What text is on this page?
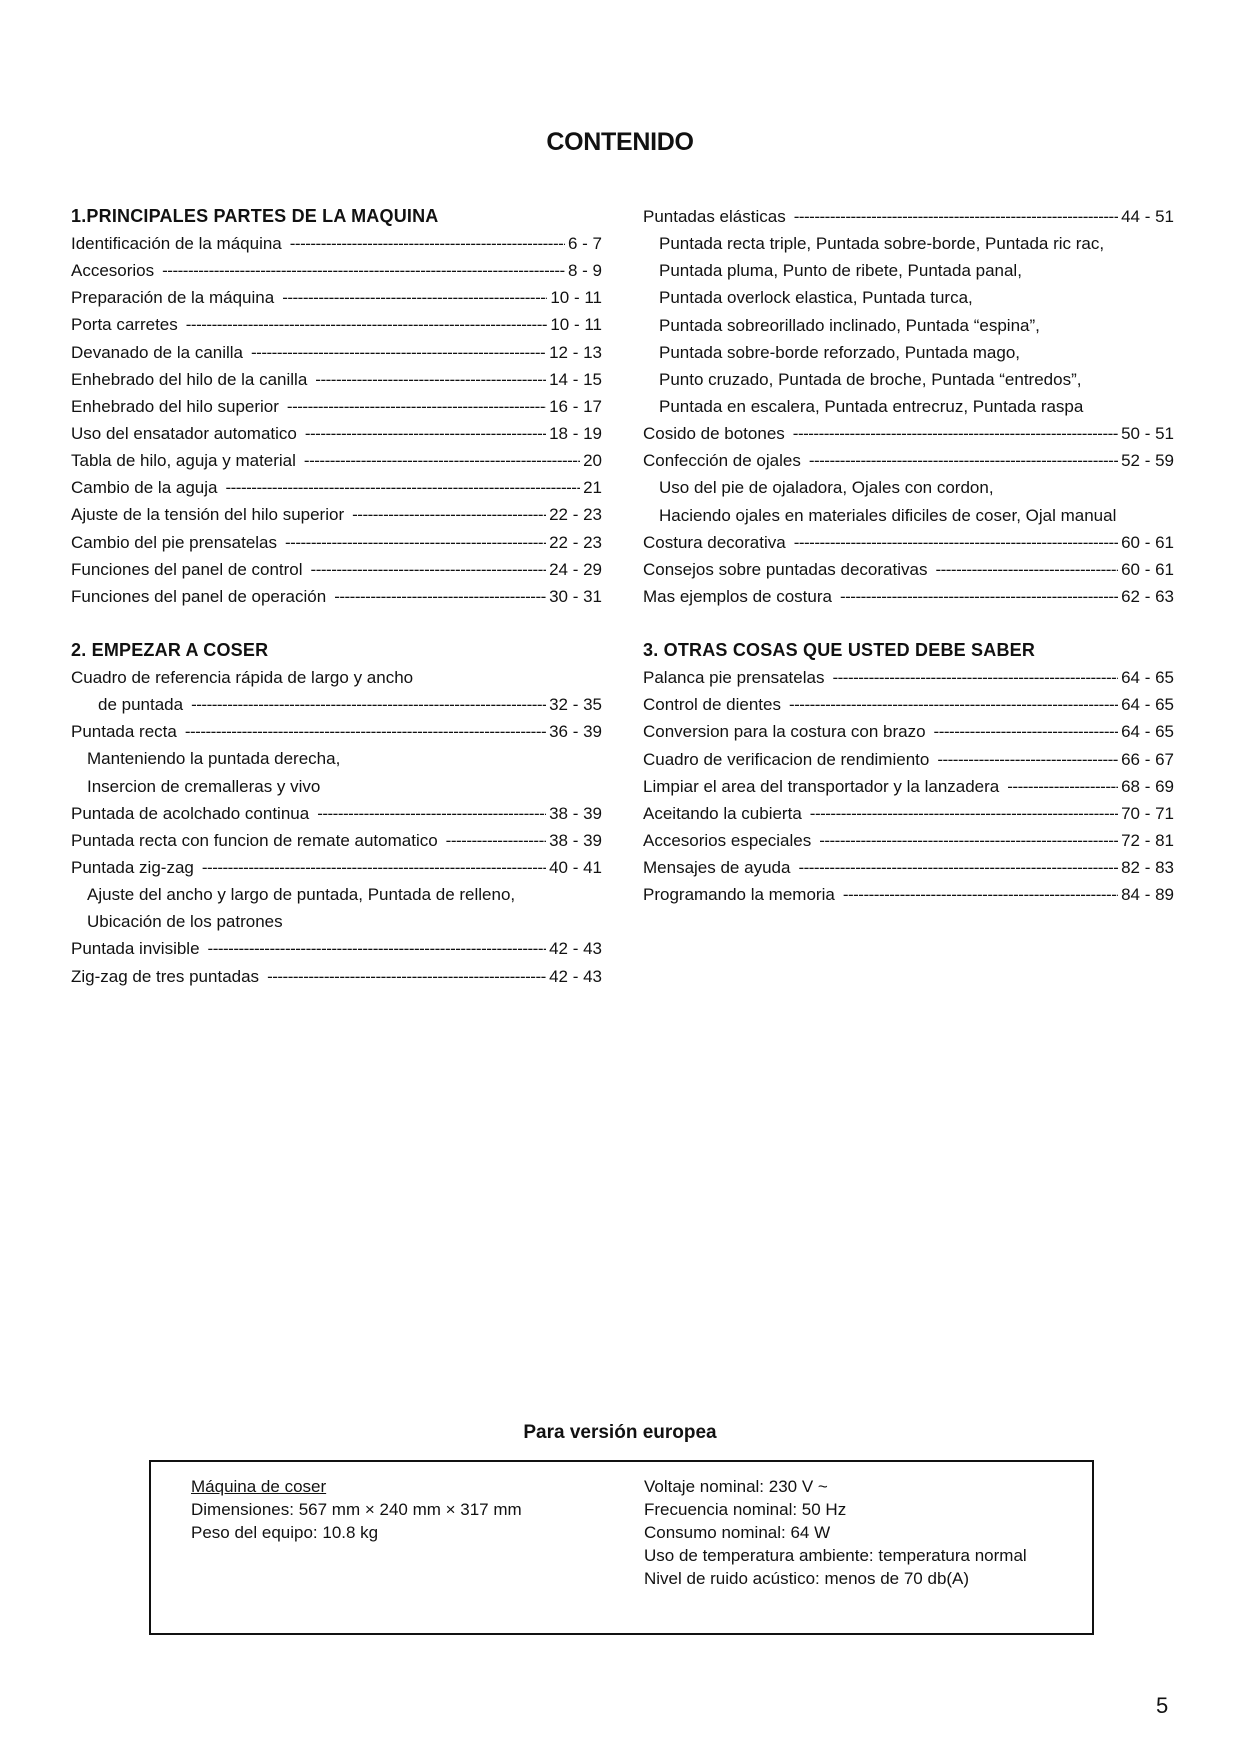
CONTENIDO
1.PRINCIPALES PARTES DE LA MAQUINA
Identificación de la máquina -----	6 - 7
Accesorios -----	8 - 9
Preparación de la máquina -----	10 - 11
Porta carretes -----	10 - 11
Devanado de la canilla -----	12 - 13
Enhebrado del hilo de la canilla -----	14 - 15
Enhebrado del hilo superior -----	16 - 17
Uso del ensatador automatico -----	18 - 19
Tabla de hilo, aguja y material -----	20
Cambio de la aguja -----	21
Ajuste de la tensión del hilo superior -----	22 - 23
Cambio del pie prensatelas -----	22 - 23
Funciones del panel de control -----	24 - 29
Funciones del panel de operación -----	30 - 31
2. EMPEZAR A COSER
Cuadro de referencia rápida de largo y ancho
de puntada -----	32 - 35
Puntada recta -----	36 - 39
Manteniendo la puntada derecha,
Insercion de cremalleras y vivo
Puntada de acolchado continua -----	38 - 39
Puntada recta con funcion de remate automatico -----	38 - 39
Puntada zig-zag -----	40 - 41
Ajuste del ancho y largo de puntada, Puntada de relleno,
Ubicación de los patrones
Puntada invisible -----	42 - 43
Zig-zag de tres puntadas -----	42 - 43
Puntadas elásticas -----	44 - 51
Puntada recta triple, Puntada sobre-borde, Puntada ric rac,
Puntada pluma, Punto de ribete, Puntada panal,
Puntada overlock elastica, Puntada turca,
Puntada sobreorillado inclinado, Puntada “espina”,
Puntada sobre-borde reforzado, Puntada mago,
Punto cruzado, Puntada de broche, Puntada “entredos”,
Puntada en escalera, Puntada entrecruz, Puntada raspa
Cosido de botones -----	50 - 51
Confección de ojales -----	52 - 59
Uso del pie de ojaladora, Ojales con cordon,
Haciendo ojales en materiales dificiles de coser, Ojal manual
Costura decorativa -----	60 - 61
Consejos sobre puntadas decorativas -----	60 - 61
Mas ejemplos de costura -----	62 - 63
3. OTRAS COSAS QUE USTED DEBE SABER
Palanca pie prensatelas -----	64 - 65
Control de dientes -----	64 - 65
Conversion para la costura con brazo -----	64 - 65
Cuadro de verificacion de rendimiento -----	66 - 67
Limpiar el area del transportador y la lanzadera -----	68 - 69
Aceitando la cubierta -----	70 - 71
Accesorios especiales -----	72 - 81
Mensajes de ayuda -----	82 - 83
Programando la memoria -----	84 - 89
Para versión europea
Máquina de coser
Dimensiones: 567 mm × 240 mm × 317 mm
Peso del equipo: 10.8 kg
Voltaje nominal: 230 V ~
Frecuencia nominal: 50 Hz
Consumo nominal: 64 W
Uso de temperatura ambiente: temperatura normal
Nivel de ruido acústico: menos de 70 db(A)
5
